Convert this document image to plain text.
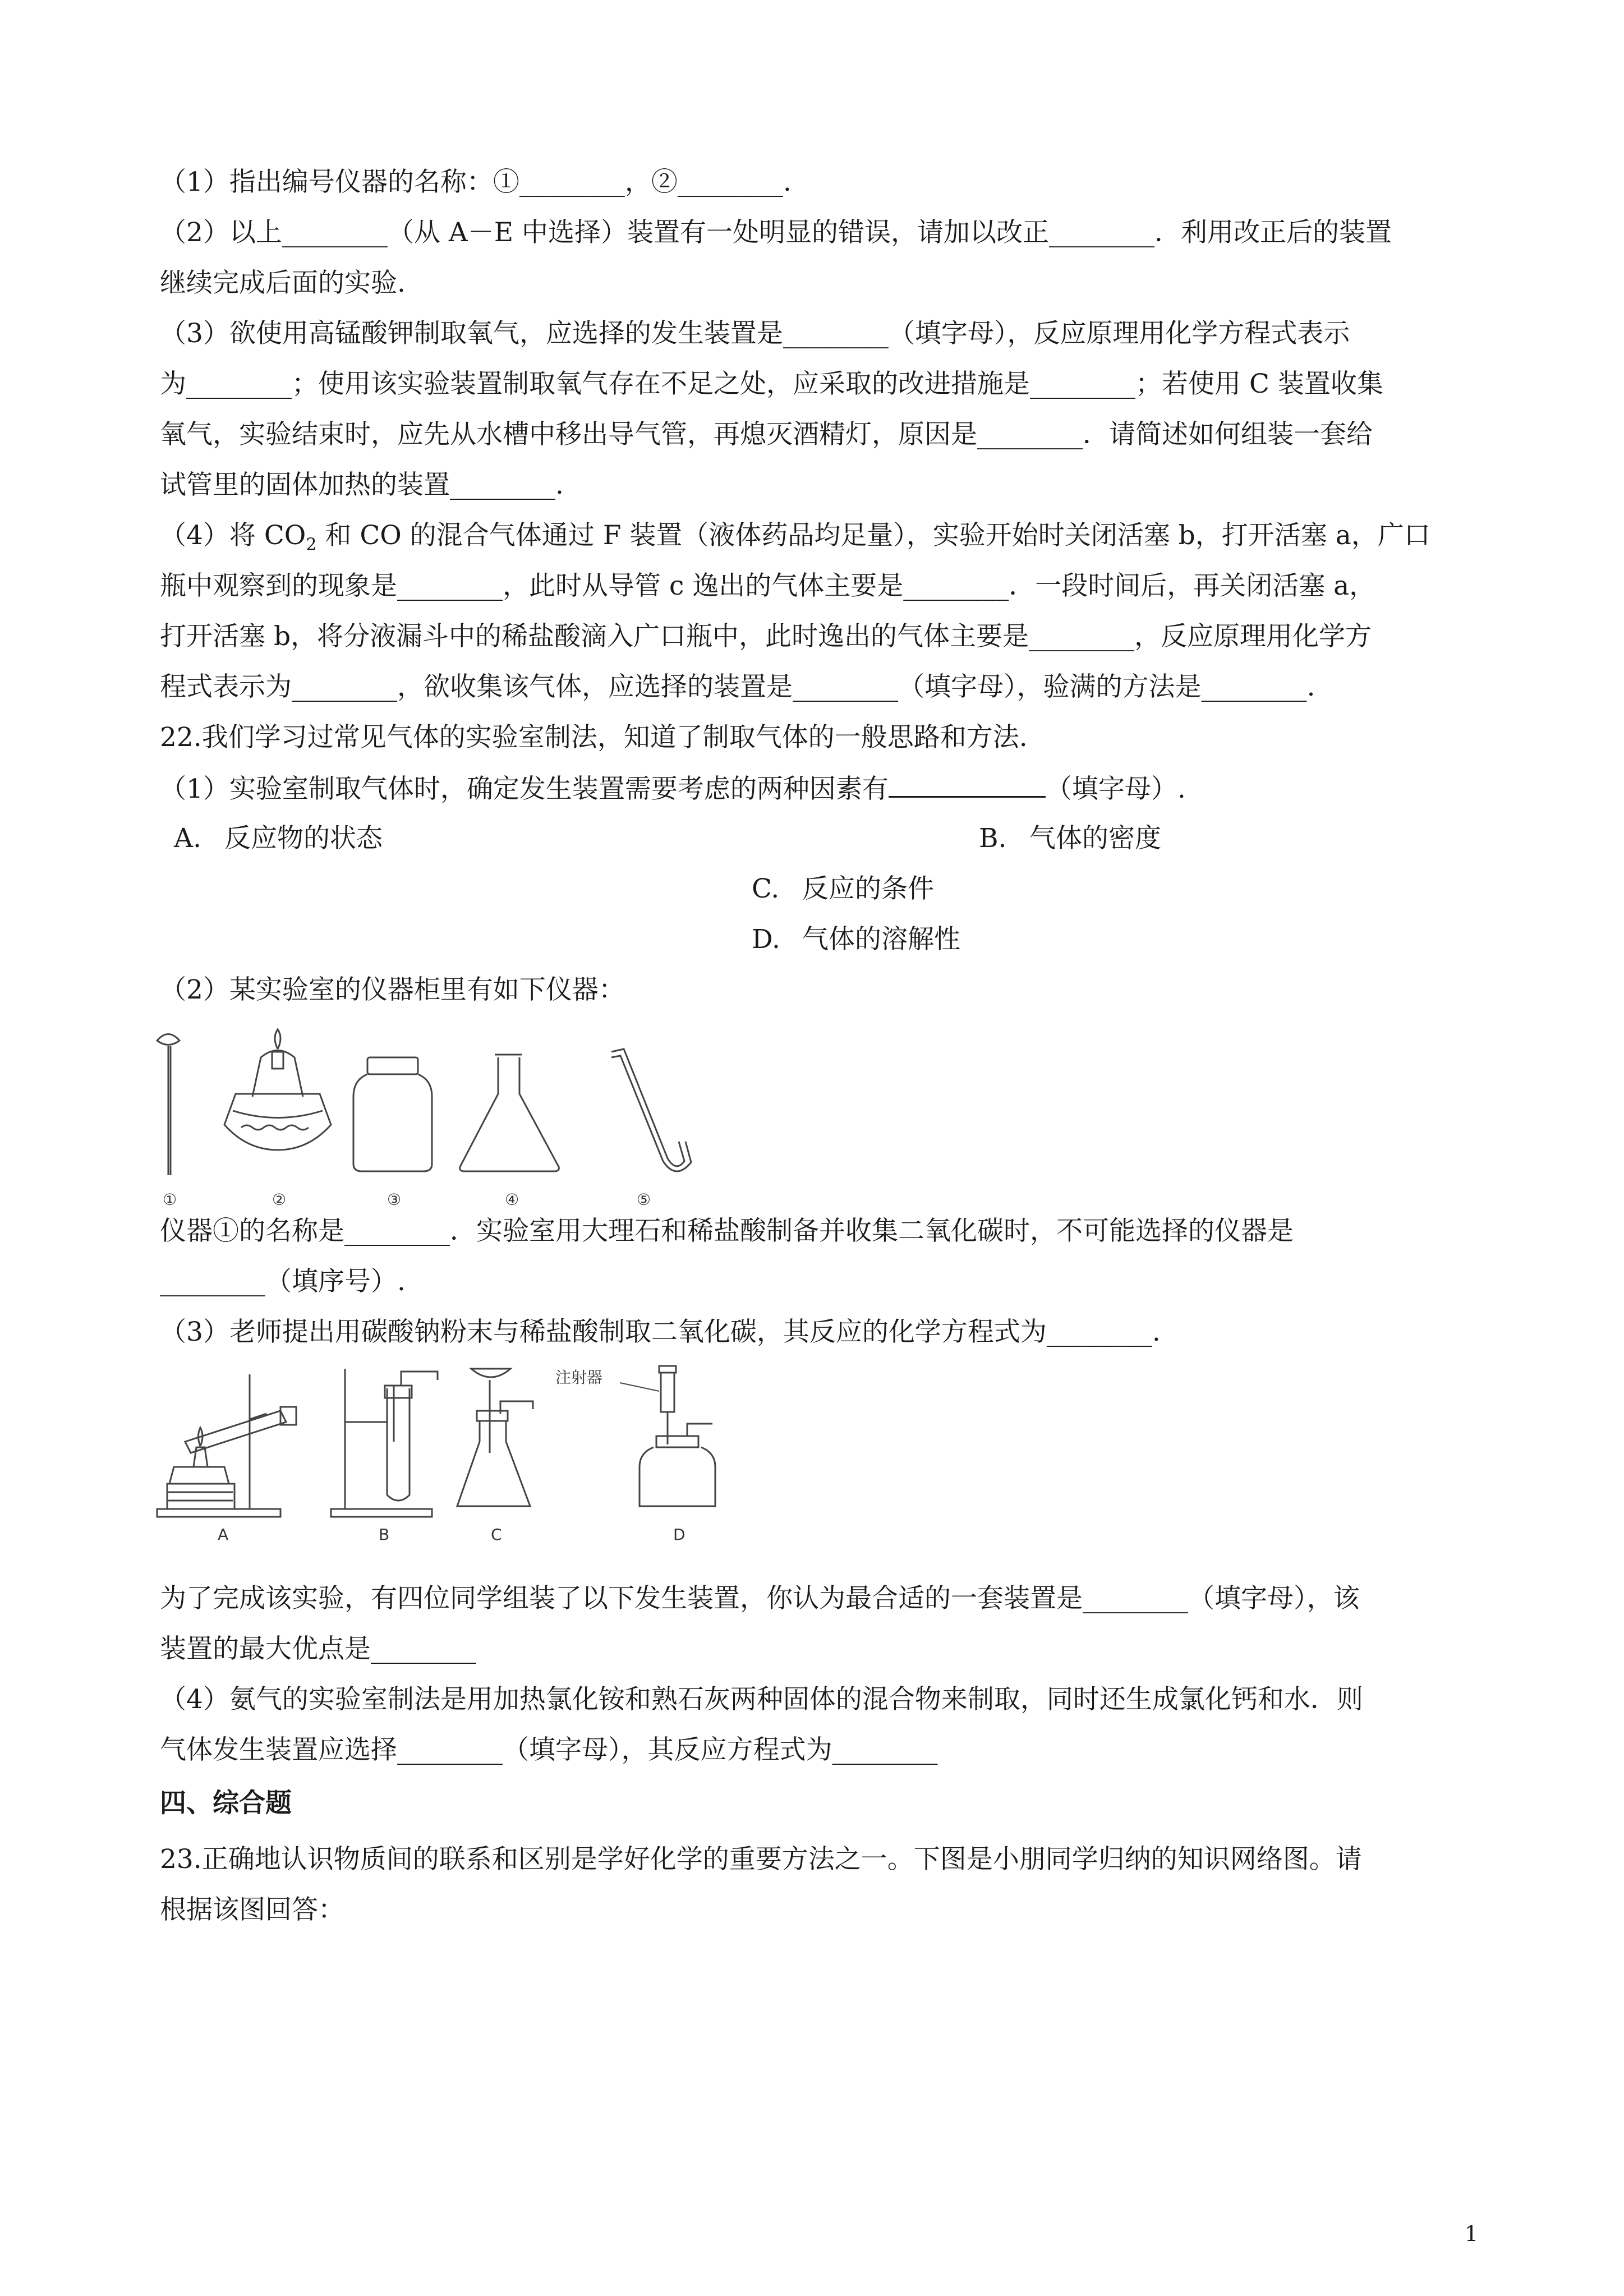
（1）指出编号仪器的名称：①________，②________.
（2）以上________（从 A－E 中选择）装置有一处明显的错误，请加以改正________．利用改正后的装置
继续完成后面的实验.
（3）欲使用高锰酸钾制取氧气，应选择的发生装置是________（填字母），反应原理用化学方程式表示
为________；使用该实验装置制取氧气存在不足之处，应采取的改进措施是________；若使用 C 装置收集
氧气，实验结束时，应先从水槽中移出导气管，再熄灭酒精灯，原因是________．请简述如何组装一套给
试管里的固体加热的装置________.
（4）将 $CO_2$ 和 CO 的混合气体通过 F 装置（液体药品均足量），实验开始时关闭活塞 b，打开活塞 a，广口
瓶中观察到的现象是________，此时从导管 c 逸出的气体主要是________．一段时间后，再关闭活塞 a，
打开活塞 b，将分液漏斗中的稀盐酸滴入广口瓶中，此时逸出的气体主要是________，反应原理用化学方
程式表示为________，欲收集该气体，应选择的装置是________（填字母），验满的方法是________.
22.我们学习过常见气体的实验室制法，知道了制取气体的一般思路和方法.
（1）实验室制取气体时，确定发生装置需要考虑的两种因素有	（填字母）.
A. 反应物的状态	B. 气体的密度
C. 反应的条件
D. 气体的溶解性
（2）某实验室的仪器柜里有如下仪器：
①	②	③	④	⑤
仪器①的名称是________．实验室用大理石和稀盐酸制备并收集二氧化碳时，不可能选择的仪器是
________（填序号）.
（3）老师提出用碳酸钠粉末与稀盐酸制取二氧化碳，其反应的化学方程式为________.
注射器
A	B	C	D
为了完成该实验，有四位同学组装了以下发生装置，你认为最合适的一套装置是________（填字母），该
装置的最大优点是________
（4）氨气的实验室制法是用加热氯化铵和熟石灰两种固体的混合物来制取，同时还生成氯化钙和水．则
气体发生装置应选择________（填字母），其反应方程式为________
四、综合题
23.正确地认识物质间的联系和区别是学好化学的重要方法之一。下图是小朋同学归纳的知识网络图。请
根据该图回答：
1
